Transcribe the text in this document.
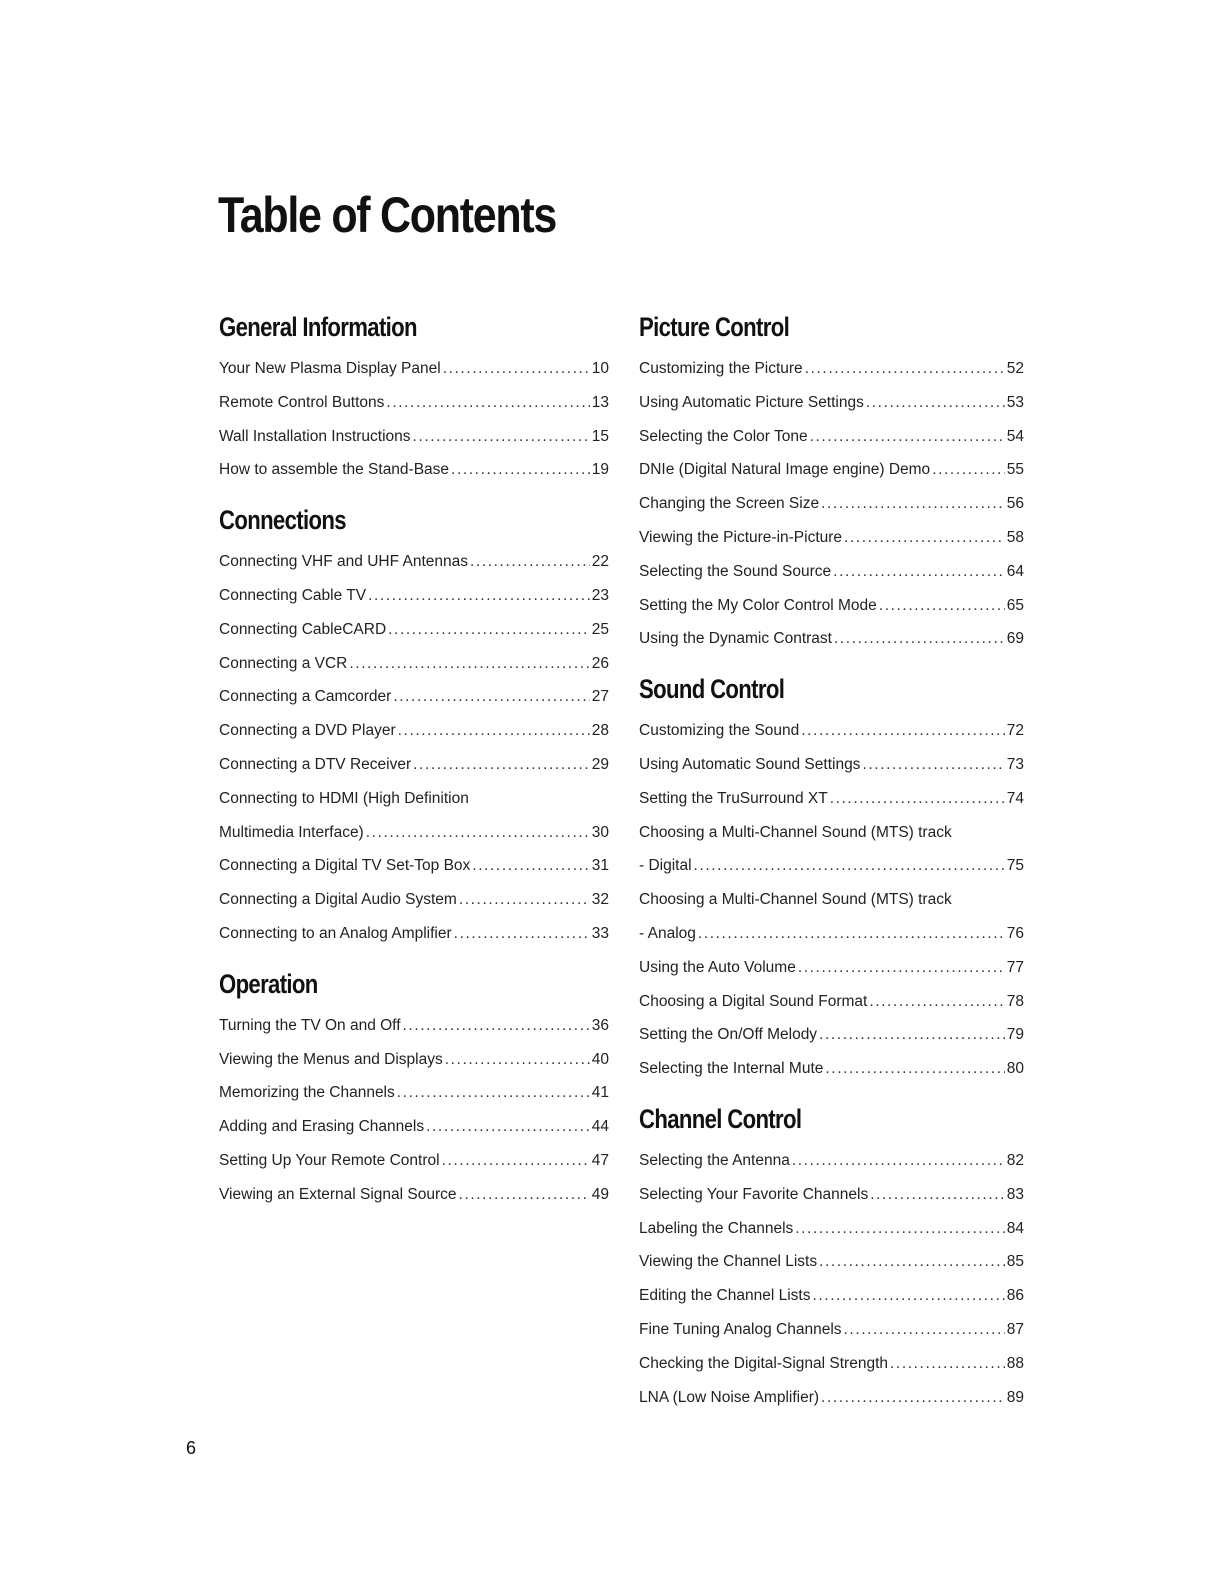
Table of Contents
General Information
Your New Plasma Display Panel .....	10
Remote Control Buttons .....	13
Wall Installation Instructions .....	15
How to assemble the Stand-Base .....	19
Connections
Connecting VHF and UHF Antennas .....	22
Connecting Cable TV .....	23
Connecting CableCARD .....	25
Connecting a VCR .....	26
Connecting a Camcorder .....	27
Connecting a DVD Player .....	28
Connecting a DTV Receiver .....	29
Connecting to HDMI (High Definition
Multimedia Interface) .....	30
Connecting a Digital TV Set-Top Box .....	31
Connecting a Digital Audio System .....	32
Connecting to an Analog Amplifier .....	33
Operation
Turning the TV On and Off .....	36
Viewing the Menus and Displays .....	40
Memorizing the Channels .....	41
Adding and Erasing Channels .....	44
Setting Up Your Remote Control .....	47
Viewing an External Signal Source .....	49
Picture Control
Customizing the Picture .....	52
Using Automatic Picture Settings .....	53
Selecting the Color Tone .....	54
DNIe (Digital Natural Image engine) Demo .....	55
Changing the Screen Size .....	56
Viewing the Picture-in-Picture .....	58
Selecting the Sound Source .....	64
Setting the My Color Control Mode .....	65
Using the Dynamic Contrast .....	69
Sound Control
Customizing the Sound .....	72
Using Automatic Sound Settings .....	73
Setting the TruSurround XT .....	74
Choosing a Multi-Channel Sound (MTS) track
- Digital .....	75
Choosing a Multi-Channel Sound (MTS) track
- Analog .....	76
Using the Auto Volume .....	77
Choosing a Digital Sound Format .....	78
Setting the On/Off Melody .....	79
Selecting the Internal Mute .....	80
Channel Control
Selecting the Antenna .....	82
Selecting Your Favorite Channels .....	83
Labeling the Channels .....	84
Viewing the Channel Lists .....	85
Editing the Channel Lists .....	86
Fine Tuning Analog Channels .....	87
Checking the Digital-Signal Strength .....	88
LNA (Low Noise Amplifier) .....	89
6
